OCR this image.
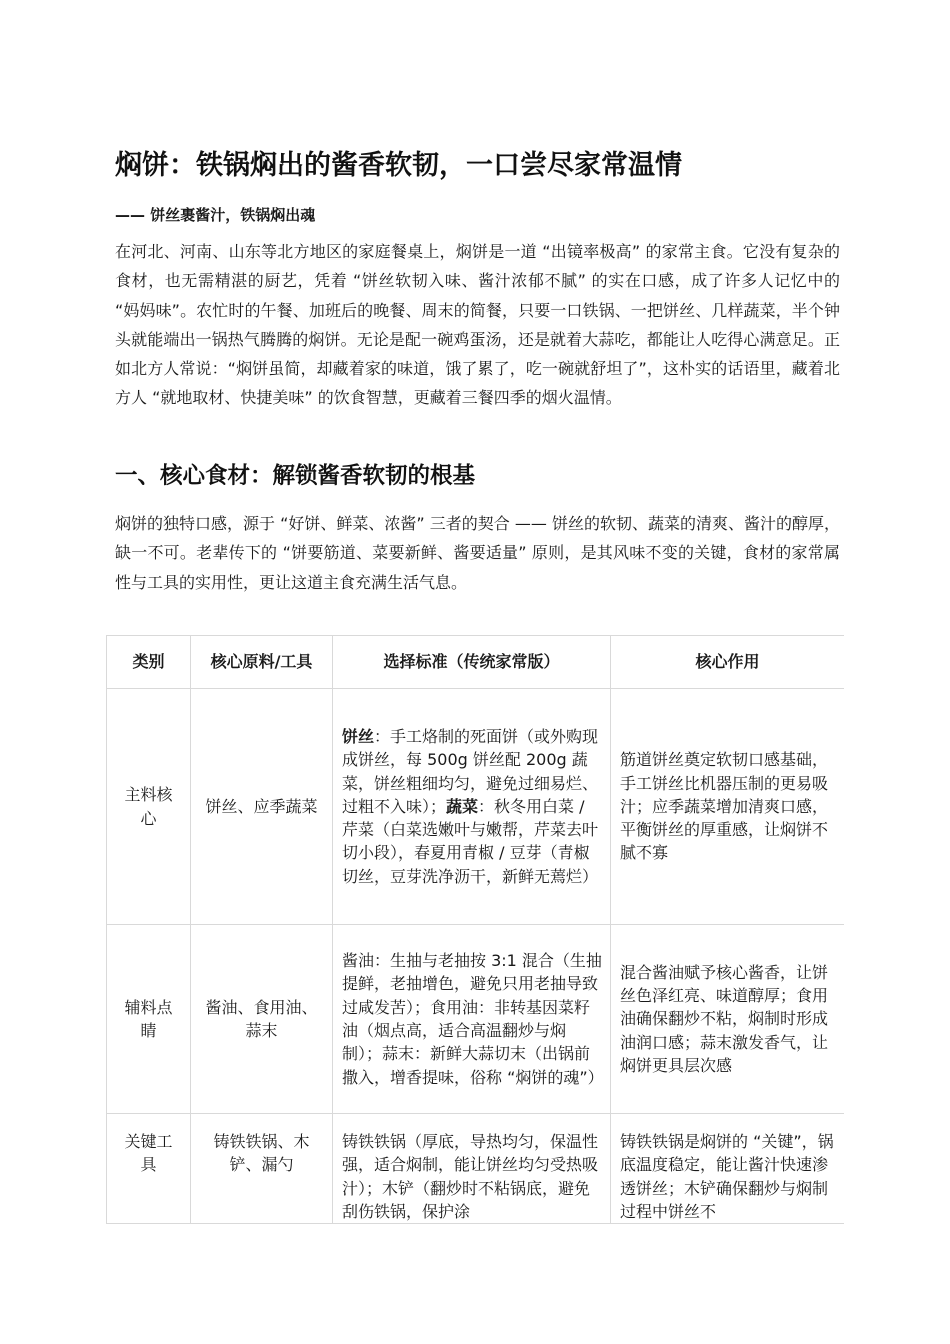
焖饼：铁锅焖出的酱香软韧，一口尝尽家常温情

—— 饼丝裹酱汁，铁锅焖出魂

在河北、河南、山东等北方地区的家庭餐桌上，焖饼是一道 “出镜率极高” 的家常主食。它没有复杂的食材，也无需精湛的厨艺，凭着 “饼丝软韧入味、酱汁浓郁不腻” 的实在口感，成了许多人记忆中的 “妈妈味”。农忙时的午餐、加班后的晚餐、周末的简餐，只要一口铁锅、一把饼丝、几样蔬菜，半个钟头就能端出一锅热气腾腾的焖饼。无论是配一碗鸡蛋汤，还是就着大蒜吃，都能让人吃得心满意足。正如北方人常说：“焖饼虽简，却藏着家的味道，饿了累了，吃一碗就舒坦了”，这朴实的话语里，藏着北方人 “就地取材、快捷美味” 的饮食智慧，更藏着三餐四季的烟火温情。

一、核心食材：解锁酱香软韧的根基

焖饼的独特口感，源于 “好饼、鲜菜、浓酱” 三者的契合 —— 饼丝的软韧、蔬菜的清爽、酱汁的醇厚，缺一不可。老辈传下的 “饼要筋道、菜要新鲜、酱要适量” 原则，是其风味不变的关键，食材的家常属性与工具的实用性，更让这道主食充满生活气息。

类别	核心原料/工具	选择标准（传统家常版）	核心作用
主料核心	饼丝、应季蔬菜	饼丝：手工烙制的死面饼（或外购现成饼丝，每 500g 饼丝配 200g 蔬菜，饼丝粗细均匀，避免过细易烂、过粗不入味）；蔬菜：秋冬用白菜 / 芹菜（白菜选嫩叶与嫩帮，芹菜去叶切小段），春夏用青椒 / 豆芽（青椒切丝，豆芽洗净沥干，新鲜无蔫烂）	筋道饼丝奠定软韧口感基础，手工饼丝比机器压制的更易吸汁；应季蔬菜增加清爽口感，平衡饼丝的厚重感，让焖饼不腻不寡
辅料点睛	酱油、食用油、蒜末	酱油：生抽与老抽按 3:1 混合（生抽提鲜，老抽增色，避免只用老抽导致过咸发苦）；食用油：非转基因菜籽油（烟点高，适合高温翻炒与焖制）；蒜末：新鲜大蒜切末（出锅前撒入，增香提味，俗称 “焖饼的魂”）	混合酱油赋予核心酱香，让饼丝色泽红亮、味道醇厚；食用油确保翻炒不粘，焖制时形成油润口感；蒜末激发香气，让焖饼更具层次感
关键工具	铸铁铁锅、木铲、漏勺	铸铁铁锅（厚底，导热均匀，保温性强，适合焖制，能让饼丝均匀受热吸汁）；木铲（翻炒时不粘锅底，避免刮伤铁锅，保护涂	铸铁铁锅是焖饼的 “关键”，锅底温度稳定，能让酱汁快速渗透饼丝；木铲确保翻炒与焖制过程中饼丝不
